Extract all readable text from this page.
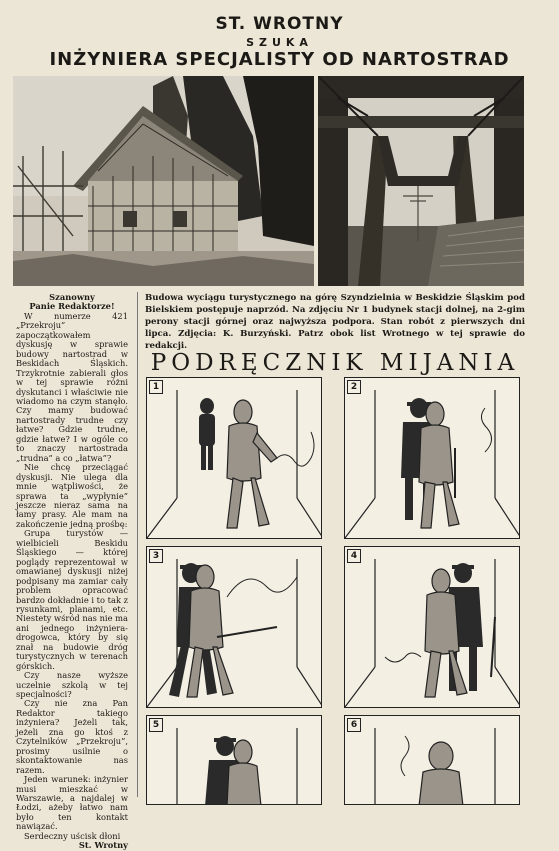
ST. WROTNY
SZUKA
INŻYNIERA SPECJALISTY OD NARTOSTRAD
Budowa wyciągu turystycznego na górę Szyndzielnia w Beskidzie Śląskim pod Bielskiem postępuje naprzód. Na zdjęciu Nr 1 budynek stacji dolnej, na 2-gim perony stacji górnej oraz najwyższa podpora. Stan robót z pierwszych dni lipca. Zdjęcia: K. Burzyński. Patrz obok list Wrotnego w tej sprawie do redakcji.

Szanowny

Panie Redaktorze!

W numerze 421 „Przekroju” zapoczątkowałem dyskusję w sprawie budowy nartostrad w Beskidach Śląskich. Trzykrotnie zabierali głos w tej sprawie różni dyskutanci i właściwie nie wiadomo na czym stanęło. Czy mamy budować nartostrady trudne czy łatwe? Gdzie trudne, gdzie łatwe? I w ogóle co to znaczy nartostrada „trudna” a co „łatwa”?

Nie chcę przeciągać dyskusji. Nie ulega dla mnie wątpliwości, że sprawa ta „wypłynie” jeszcze nieraz sama na łamy prasy. Ale mam na zakończenie jedną prośbę:

Grupa turystów — wielbicieli Beskidu Śląskiego — której poglądy reprezentował w omawianej dyskusji niżej podpisany ma zamiar cały problem opracować bardzo dokładnie i to tak z rysunkami, planami, etc. Niestety wśród nas nie ma ani jednego inżyniera-drogowca, który by się znał na budowie dróg turystycznych w terenach górskich.

Czy nasze wyższe uczelnie szkolą w tej specjalności?

Czy nie zna Pan Redaktor takiego inżyniera? Jeżeli tak, jeżeli zna go ktoś z Czytelników „Przekroju”, prosimy usilnie o skontaktowanie nas razem.

Jeden warunek: inżynier musi mieszkać w Warszawie, a najdalej w Łodzi, ażeby łatwo nam było ten kontakt nawiązać.

Serdeczny uścisk dłoni

St. Wrotny

PODRĘCZNIK MIJANIA
1	2
3	4
5	6
